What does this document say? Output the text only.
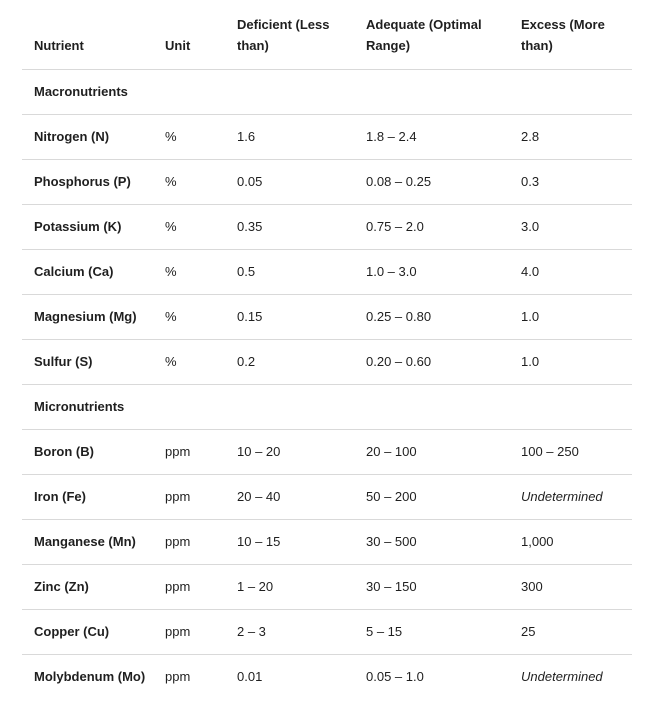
Nutrient	Unit	Deficient (Less than)	Adequate (Optimal Range)	Excess (More than)
Macronutrients				
Nitrogen (N)	%	1.6	1.8 – 2.4	2.8
Phosphorus (P)	%	0.05	0.08 – 0.25	0.3
Potassium (K)	%	0.35	0.75 – 2.0	3.0
Calcium (Ca)	%	0.5	1.0 – 3.0	4.0
Magnesium (Mg)	%	0.15	0.25 – 0.80	1.0
Sulfur (S)	%	0.2	0.20 – 0.60	1.0
Micronutrients				
Boron (B)	ppm	10 – 20	20 – 100	100 – 250
Iron (Fe)	ppm	20 – 40	50 – 200	Undetermined
Manganese (Mn)	ppm	10 – 15	30 – 500	1,000
Zinc (Zn)	ppm	1 – 20	30 – 150	300
Copper (Cu)	ppm	2 – 3	5 – 15	25
Molybdenum (Mo)	ppm	0.01	0.05 – 1.0	Undetermined
